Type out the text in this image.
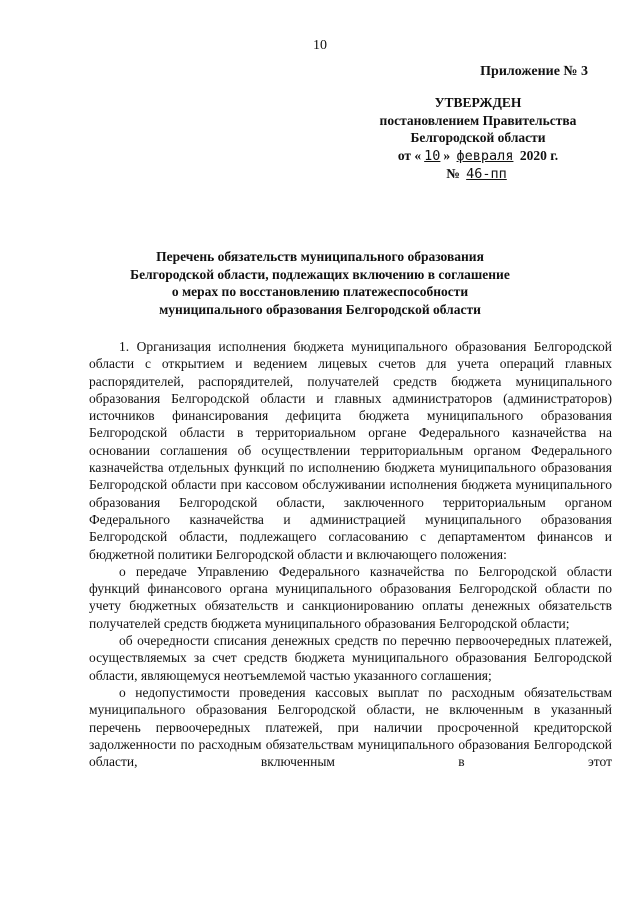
10
Приложение № 3
УТВЕРЖДЕН
постановлением Правительства
Белгородской области
от « 10 » февраля 2020 г.
№ 46-пп
Перечень обязательств муниципального образования
Белгородской области, подлежащих включению в соглашение
о мерах по восстановлению платежеспособности
муниципального образования Белгородской области

1. Организация исполнения бюджета муниципального образования Белгородской области с открытием и ведением лицевых счетов для учета операций главных распорядителей, распорядителей, получателей средств бюджета муниципального образования Белгородской области и главных администраторов (администраторов) источников финансирования дефицита бюджета муниципального образования Белгородской области в территориальном органе Федерального казначейства на основании соглашения об осуществлении территориальным органом Федерального казначейства отдельных функций по исполнению бюджета муниципального образования Белгородской области при кассовом обслуживании исполнения бюджета муниципального образования Белгородской области, заключенного территориальным органом Федерального казначейства и администрацией муниципального образования Белгородской области, подлежащего согласованию с департаментом финансов и бюджетной политики Белгородской области и включающего положения:

о передаче Управлению Федерального казначейства по Белгородской области функций финансового органа муниципального образования Белгородской области по учету бюджетных обязательств и санкционированию оплаты денежных обязательств получателей средств бюджета муниципального образования Белгородской области;

об очередности списания денежных средств по перечню первоочередных платежей, осуществляемых за счет средств бюджета муниципального образования Белгородской области, являющемуся неотъемлемой частью указанного соглашения;

о недопустимости проведения кассовых выплат по расходным обязательствам муниципального образования Белгородской области, не включенным в указанный перечень первоочередных платежей, при наличии просроченной кредиторской задолженности по расходным обязательствам муниципального образования Белгородской области, включенным в этот
